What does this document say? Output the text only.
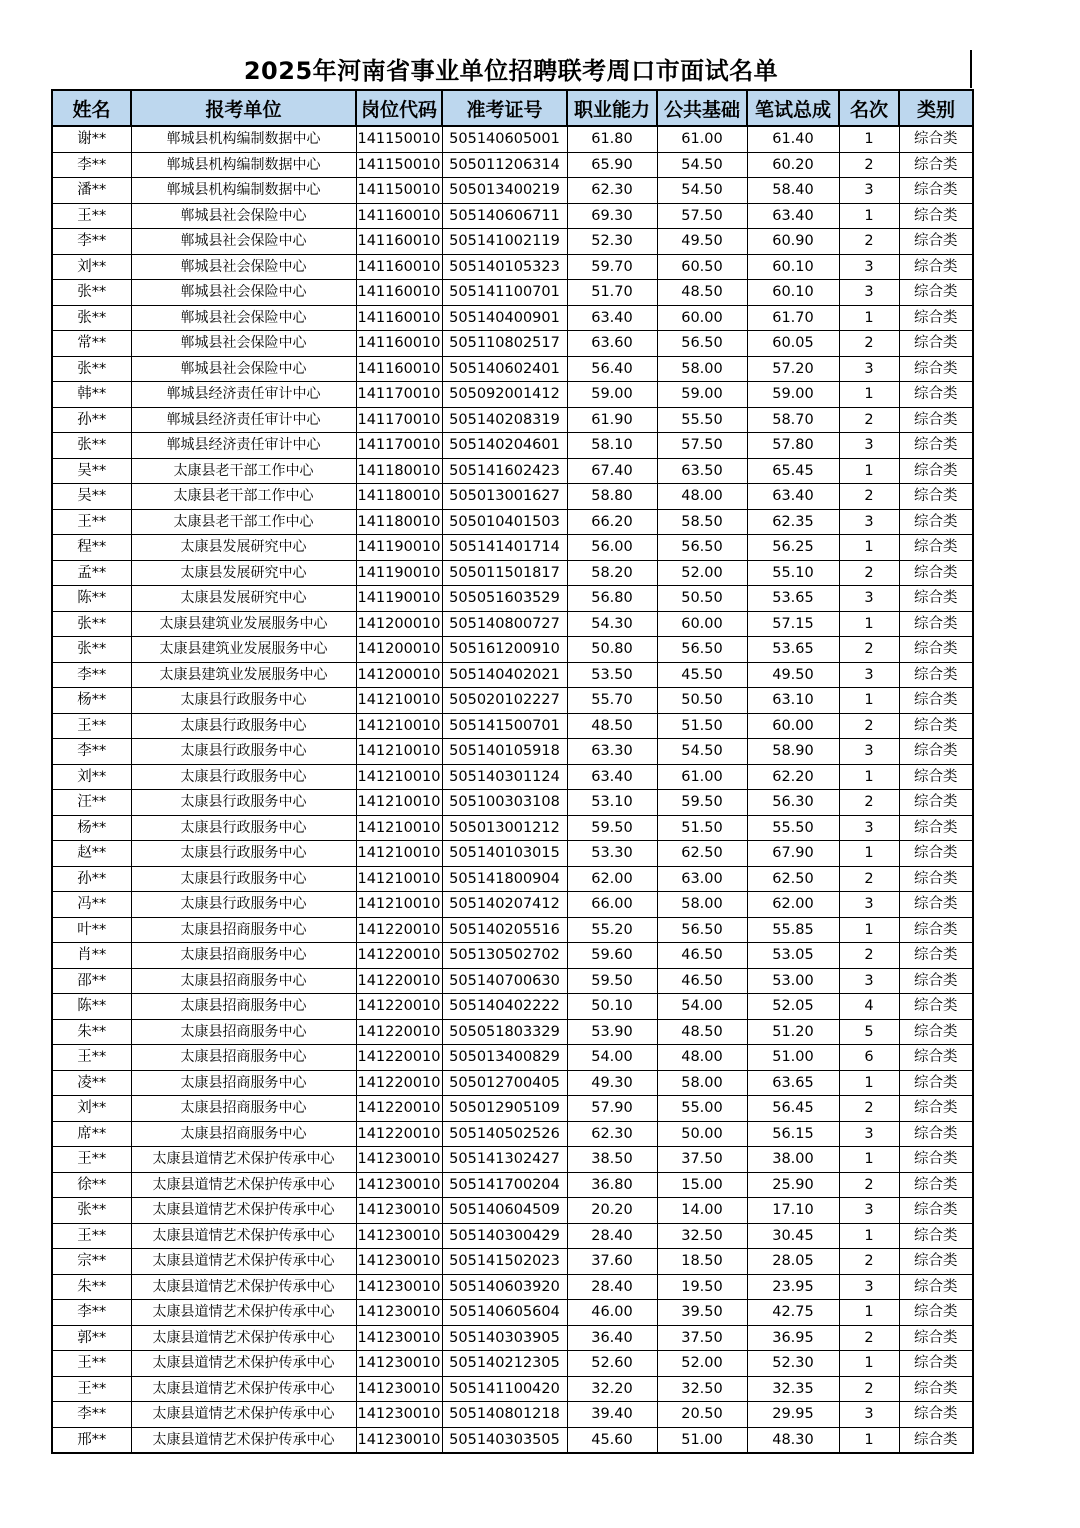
2025年河南省事业单位招聘联考周口市面试名单
姓名	报考单位	岗位代码	准考证号	职业能力	公共基础	笔试总成	名次	类别
谢**	郸城县机构编制数据中心	141150010	505140605001	61.80	61.00	61.40	1	综合类
李**	郸城县机构编制数据中心	141150010	505011206314	65.90	54.50	60.20	2	综合类
潘**	郸城县机构编制数据中心	141150010	505013400219	62.30	54.50	58.40	3	综合类
王**	郸城县社会保险中心	141160010	505140606711	69.30	57.50	63.40	1	综合类
李**	郸城县社会保险中心	141160010	505141002119	52.30	49.50	60.90	2	综合类
刘**	郸城县社会保险中心	141160010	505140105323	59.70	60.50	60.10	3	综合类
张**	郸城县社会保险中心	141160010	505141100701	51.70	48.50	60.10	3	综合类
张**	郸城县社会保险中心	141160010	505140400901	63.40	60.00	61.70	1	综合类
常**	郸城县社会保险中心	141160010	505110802517	63.60	56.50	60.05	2	综合类
张**	郸城县社会保险中心	141160010	505140602401	56.40	58.00	57.20	3	综合类
韩**	郸城县经济责任审计中心	141170010	505092001412	59.00	59.00	59.00	1	综合类
孙**	郸城县经济责任审计中心	141170010	505140208319	61.90	55.50	58.70	2	综合类
张**	郸城县经济责任审计中心	141170010	505140204601	58.10	57.50	57.80	3	综合类
吴**	太康县老干部工作中心	141180010	505141602423	67.40	63.50	65.45	1	综合类
吴**	太康县老干部工作中心	141180010	505013001627	58.80	48.00	63.40	2	综合类
王**	太康县老干部工作中心	141180010	505010401503	66.20	58.50	62.35	3	综合类
程**	太康县发展研究中心	141190010	505141401714	56.00	56.50	56.25	1	综合类
孟**	太康县发展研究中心	141190010	505011501817	58.20	52.00	55.10	2	综合类
陈**	太康县发展研究中心	141190010	505051603529	56.80	50.50	53.65	3	综合类
张**	太康县建筑业发展服务中心	141200010	505140800727	54.30	60.00	57.15	1	综合类
张**	太康县建筑业发展服务中心	141200010	505161200910	50.80	56.50	53.65	2	综合类
李**	太康县建筑业发展服务中心	141200010	505140402021	53.50	45.50	49.50	3	综合类
杨**	太康县行政服务中心	141210010	505020102227	55.70	50.50	63.10	1	综合类
王**	太康县行政服务中心	141210010	505141500701	48.50	51.50	60.00	2	综合类
李**	太康县行政服务中心	141210010	505140105918	63.30	54.50	58.90	3	综合类
刘**	太康县行政服务中心	141210010	505140301124	63.40	61.00	62.20	1	综合类
汪**	太康县行政服务中心	141210010	505100303108	53.10	59.50	56.30	2	综合类
杨**	太康县行政服务中心	141210010	505013001212	59.50	51.50	55.50	3	综合类
赵**	太康县行政服务中心	141210010	505140103015	53.30	62.50	67.90	1	综合类
孙**	太康县行政服务中心	141210010	505141800904	62.00	63.00	62.50	2	综合类
冯**	太康县行政服务中心	141210010	505140207412	66.00	58.00	62.00	3	综合类
叶**	太康县招商服务中心	141220010	505140205516	55.20	56.50	55.85	1	综合类
肖**	太康县招商服务中心	141220010	505130502702	59.60	46.50	53.05	2	综合类
邵**	太康县招商服务中心	141220010	505140700630	59.50	46.50	53.00	3	综合类
陈**	太康县招商服务中心	141220010	505140402222	50.10	54.00	52.05	4	综合类
朱**	太康县招商服务中心	141220010	505051803329	53.90	48.50	51.20	5	综合类
王**	太康县招商服务中心	141220010	505013400829	54.00	48.00	51.00	6	综合类
凌**	太康县招商服务中心	141220010	505012700405	49.30	58.00	63.65	1	综合类
刘**	太康县招商服务中心	141220010	505012905109	57.90	55.00	56.45	2	综合类
席**	太康县招商服务中心	141220010	505140502526	62.30	50.00	56.15	3	综合类
王**	太康县道情艺术保护传承中心	141230010	505141302427	38.50	37.50	38.00	1	综合类
徐**	太康县道情艺术保护传承中心	141230010	505141700204	36.80	15.00	25.90	2	综合类
张**	太康县道情艺术保护传承中心	141230010	505140604509	20.20	14.00	17.10	3	综合类
王**	太康县道情艺术保护传承中心	141230010	505140300429	28.40	32.50	30.45	1	综合类
宗**	太康县道情艺术保护传承中心	141230010	505141502023	37.60	18.50	28.05	2	综合类
朱**	太康县道情艺术保护传承中心	141230010	505140603920	28.40	19.50	23.95	3	综合类
李**	太康县道情艺术保护传承中心	141230010	505140605604	46.00	39.50	42.75	1	综合类
郭**	太康县道情艺术保护传承中心	141230010	505140303905	36.40	37.50	36.95	2	综合类
王**	太康县道情艺术保护传承中心	141230010	505140212305	52.60	52.00	52.30	1	综合类
王**	太康县道情艺术保护传承中心	141230010	505141100420	32.20	32.50	32.35	2	综合类
李**	太康县道情艺术保护传承中心	141230010	505140801218	39.40	20.50	29.95	3	综合类
邢**	太康县道情艺术保护传承中心	141230010	505140303505	45.60	51.00	48.30	1	综合类
